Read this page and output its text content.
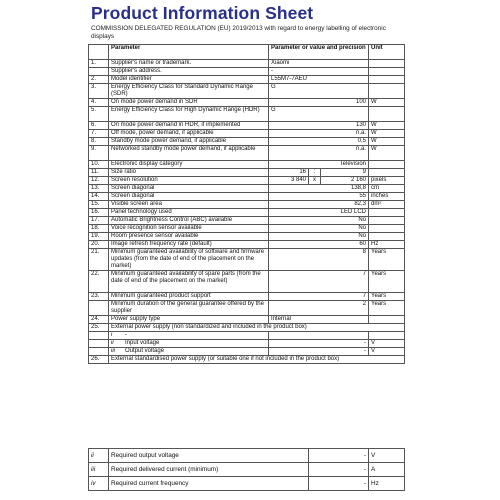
Product Information Sheet
COMMISSION DELEGATED REGULATION (EU) 2019/2013 with regard to energy labelling of electronic displays
	Parameter	Parameter or value and precision			Unit
1.	Supplier's name or trademark.	Xiaomi			
	Supplier's address.	-			
2.	Model identifier	L55M7-7AEU			
3.	Energy Efficiency Class for Standard Dynamic Range (SDR)	G			
4.	On mode power demand in SDR	100			W
5.	Energy Efficiency Class for High Dynamic Range (HDR)	G			
6.	On mode power demand in HDR, if implemented	130			W
7.	Off mode, power demand, if applicable	n.a.			W
8.	Standby mode power demand, if applicable	0,5			W
9.	Networked standby mode power demand, if applicable	n.a.			W
10.	Electronic display category	Television			
11.	Size ratio	16	:	9	
12.	Screen resolution	3 840	x	2 160	pixels
13.	Screen diagonal	138,8			cm
14.	Screen diagonal	55			inches
15.	Visible screen area	82,3			dm²
16.	Panel technology used	LED LCD			
17.	Automatic Brightness Control (ABC) available	No			
18.	Voice recognition sensor available	No			
19.	Room presence sensor available	No			
20.	Image refresh frequency rate (default)	60			Hz
21.	Minimum guaranteed availability of software and firmware updates (from the date of end of the placement on the market)	8			Years
22.	Minimum guaranteed availability of spare parts (from the date of end of the placement on the market)	7			Years
23.	Minimum guaranteed product support	7			Years
	Minimum duration of the general guarantee offered by the supplier	2			Years
24.	Power supply type	Internal			
25.	External power supply (non standardized and included in the product box)				
	i -				
	ii Input voltage	-			V
	iii Output voltage	-			V
26.	External standardised power supply (or suitable one if not included in the product box)				
ii	Required output voltage	-	V
iii	Required delivered current (minimum)	-	A
iv	Required current frequency	-	Hz
